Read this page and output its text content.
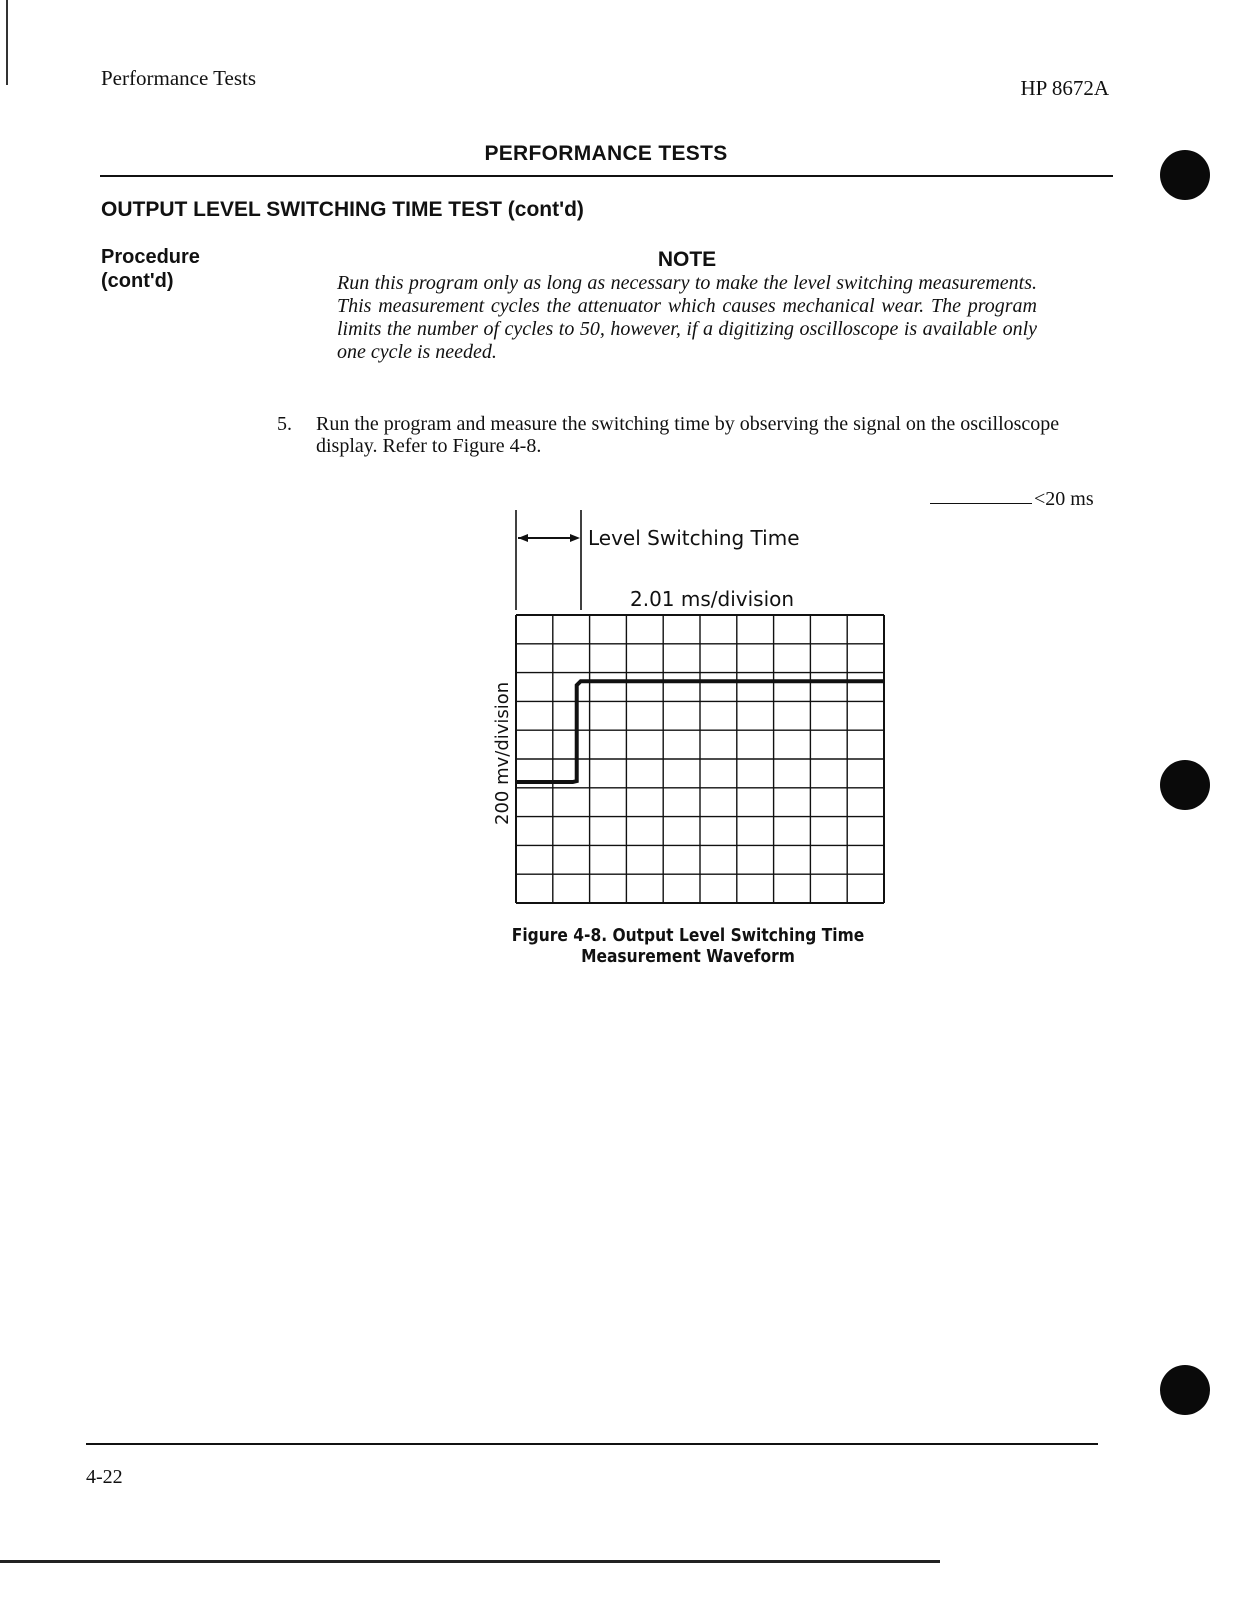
Performance Tests	HP 8672A
PERFORMANCE TESTS
OUTPUT LEVEL SWITCHING TIME TEST (cont'd)
Procedure
(cont'd)
NOTE
Run this program only as long as necessary to make the level switching measurements. This measurement cycles the attenuator which causes mechanical wear. The program limits the number of cycles to 50, however, if a digitizing oscilloscope is available only one cycle is needed.
5. Run the program and measure the switching time by observing the signal on the oscilloscope display. Refer to Figure 4-8.
<20 ms
Level Switching Time
2.01 ms/division
200 mv/division
Figure 4-8. Output Level Switching Time Measurement Waveform
4-22
